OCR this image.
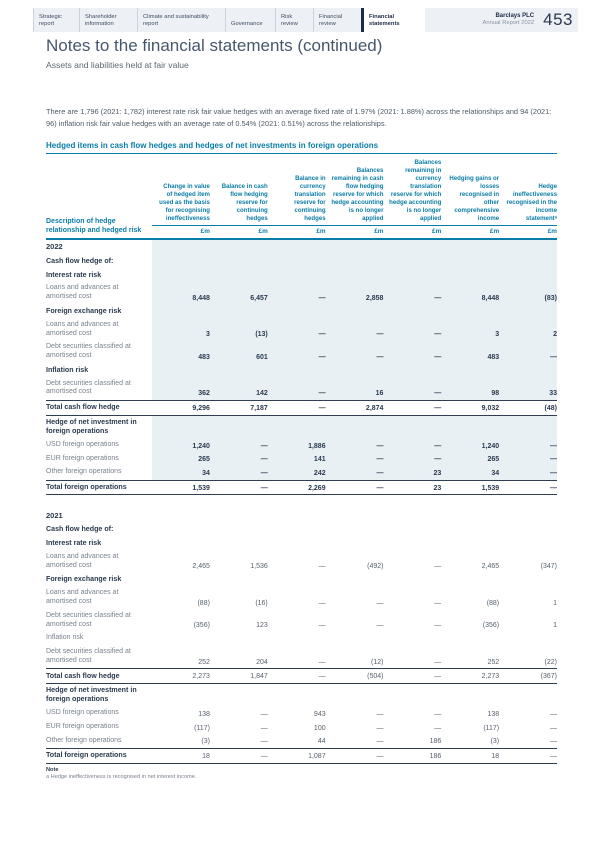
Strategic report
Shareholder information
Climate and sustainability report	Governance
Risk review
Financial review
Financial statements
Barclays PLC
Annual Report 2022 453
Notes to the financial statements (continued)
Assets and liabilities held at fair value
There are 1,796 (2021: 1,782) interest rate risk fair value hedges with an average fixed rate of 1.97% (2021: 1.88%) across the relationships and 94 (2021: 96) inflation risk fair value hedges with an average rate of 0.54% (2021: 0.51%) across the relationships.
Hedged items in cash flow hedges and hedges of net investments in foreign operations
Description of hedge relationship and hedged risk	Change in value of hedged item used as the basis for recognising ineffectiveness	Balance in cash flow hedging reserve for continuing hedges	Balance in currency translation reserve for continuing hedges	Balances remaining in cash flow hedging reserve for which hedge accounting is no longer applied	Balances remaining in currency translation reserve for which hedge accounting is no longer applied	Hedging gains or losses recognised in other comprehensive income	Hedge ineffectiveness recognised in the income statementᵃ
	£m	£m	£m	£m	£m	£m	£m
2022							
Cash flow hedge of:							
Interest rate risk							
Loans and advances at amortised cost	8,448	6,457	—	2,858	—	8,448	(83)
Foreign exchange risk							
Loans and advances at amortised cost	3	(13)	—	—	—	3	2
Debt securities classified at amortised cost	483	601	—	—	—	483	—
Inflation risk							
Debt securities classified at amortised cost	362	142	—	16	—	98	33
Total cash flow hedge	9,296	7,187	—	2,874	—	9,032	(48)
Hedge of net investment in foreign operations							
USD foreign operations	1,240	—	1,886	—	—	1,240	—
EUR foreign operations	265	—	141	—	—	265	—
Other foreign operations	34	—	242	—	23	34	—
Total foreign operations	1,539	—	2,269	—	23	1,539	—

2021							
Cash flow hedge of:							
Interest rate risk							
Loans and advances at amortised cost	2,465	1,536	—	(492)	—	2,465	(347)
Foreign exchange risk							
Loans and advances at amortised cost	(88)	(16)	—	—	—	(88)	1
Debt securities classified at amortised cost	(356)	123	—	—	—	(356)	1
Inflation risk							
Debt securities classified at amortised cost	252	204	—	(12)	—	252	(22)
Total cash flow hedge	2,273	1,847	—	(504)	—	2,273	(367)
Hedge of net investment in foreign operations							
USD foreign operations	138	—	943	—	—	138	—
EUR foreign operations	(117)	—	100	—	—	(117)	—
Other foreign operations	(3)	—	44	—	186	(3)	—
Total foreign operations	18	—	1,087	—	186	18	—
Note
a Hedge ineffectiveness is recognised in net interest income.
